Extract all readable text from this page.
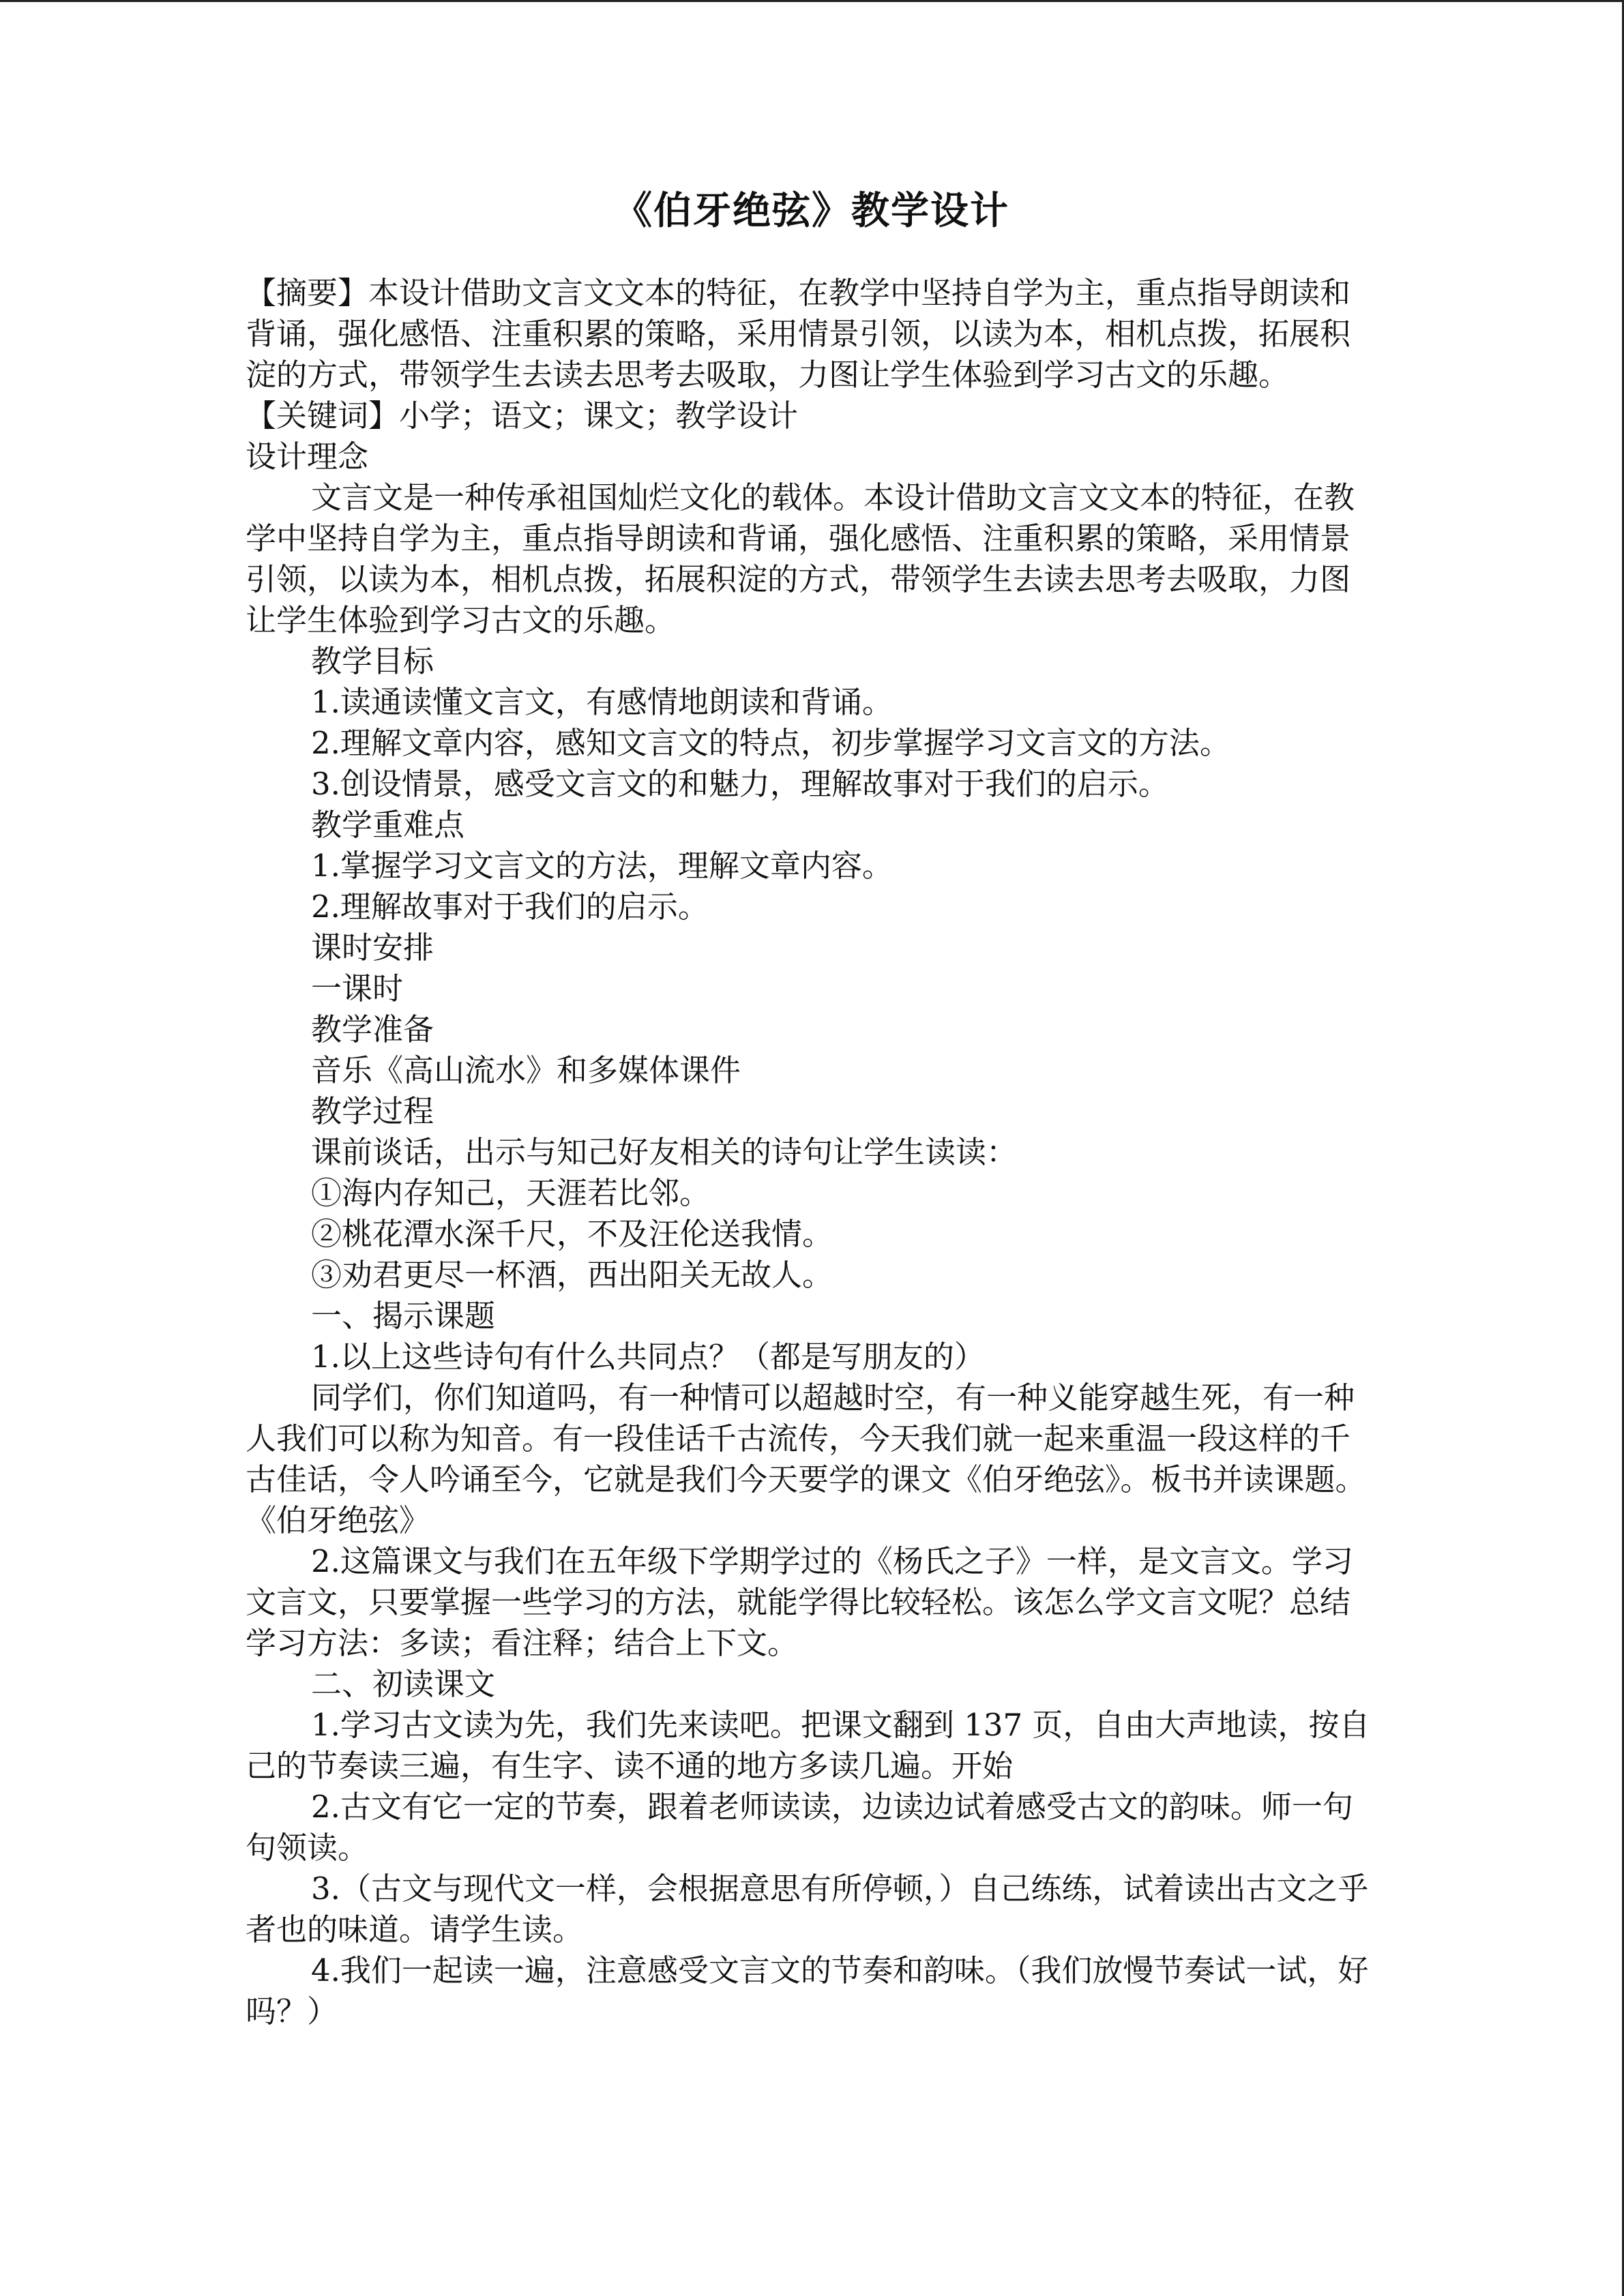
《伯牙绝弦》教学设计

【摘要】本设计借助文言文文本的特征，在教学中坚持自学为主，重点指导朗读和背诵，强化感悟、注重积累的策略，采用情景引领，以读为本，相机点拨，拓展积淀的方式，带领学生去读去思考去吸取，力图让学生体验到学习古文的乐趣。

【关键词】小学；语文；课文；教学设计

设计理念

文言文是一种传承祖国灿烂文化的载体。本设计借助文言文文本的特征，在教学中坚持自学为主，重点指导朗读和背诵，强化感悟、注重积累的策略，采用情景引领，以读为本，相机点拨，拓展积淀的方式，带领学生去读去思考去吸取，力图让学生体验到学习古文的乐趣。

教学目标

1.读通读懂文言文，有感情地朗读和背诵。

2.理解文章内容，感知文言文的特点，初步掌握学习文言文的方法。

3.创设情景，感受文言文的和魅力，理解故事对于我们的启示。

教学重难点

1.掌握学习文言文的方法，理解文章内容。

2.理解故事对于我们的启示。

课时安排

一课时

教学准备

音乐《高山流水》和多媒体课件

教学过程

课前谈话，出示与知己好友相关的诗句让学生读读：

①海内存知己，天涯若比邻。

②桃花潭水深千尺，不及汪伦送我情。

③劝君更尽一杯酒，西出阳关无故人。

一、揭示课题

1.以上这些诗句有什么共同点？（都是写朋友的）

同学们，你们知道吗，有一种情可以超越时空，有一种义能穿越生死，有一种人我们可以称为知音。有一段佳话千古流传，今天我们就一起来重温一段这样的千古佳话，令人吟诵至今，它就是我们今天要学的课文《伯牙绝弦》。板书并读课题。《伯牙绝弦》

2.这篇课文与我们在五年级下学期学过的《杨氏之子》一样，是文言文。学习文言文，只要掌握一些学习的方法，就能学得比较轻松。该怎么学文言文呢？总结学习方法：多读；看注释；结合上下文。

二、初读课文

1.学习古文⁠读⁠为先，我们先来读吧。把课文翻到 137 页，自由大声地读，按自己的节奏读三遍，有生字、读不通的地方多读几遍。开始

2.古文有它一定的节奏，跟着老师读读，边读边试着感受古文的韵味。师一句句领读。

3.（古文与现代文一样，会根据意思有所停顿，）自己练练，试着读出古文⁠之乎者也⁠的味道。请学生读。

4.我们一起读一遍，注意感受文言文的节奏和韵味。（我们放慢节奏试一试，好吗？）
